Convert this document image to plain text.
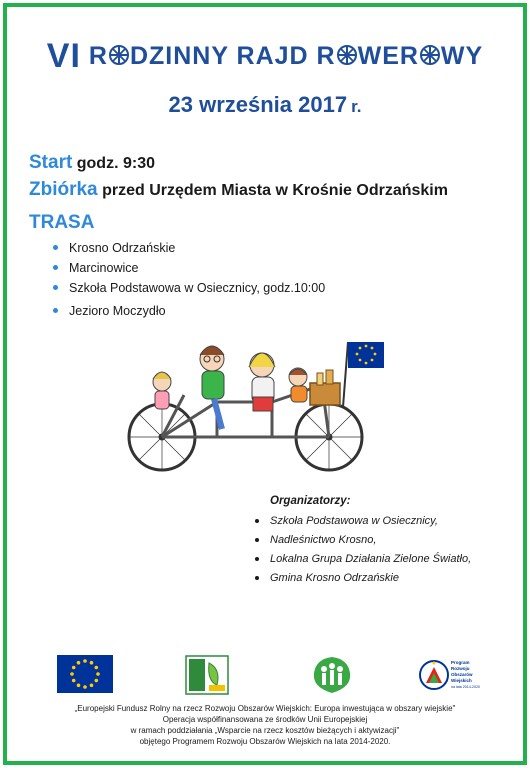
VI R DZINNY RAJD R WER WY
23 września 2017 r.
Start godz. 9:30
Zbiórka przed Urzędem Miasta w Krośnie Odrzańskim
TRASA
Krosno Odrzańskie
Marcinowice
Szkoła Podstawowa w Osiecznicy, godz.10:00
Jezioro Moczydło
Organizatorzy:
Szkoła Podstawowa w Osiecznicy,
Nadleśnictwo Krosno,
Lokalna Grupa Działania Zielone Światło,
Gmina Krosno Odrzańskie
Program
Rozwoju
Obszarów
Wiejskich
na lata 2014-2020
„Europejski Fundusz Rolny na rzecz Rozwoju Obszarów Wiejskich: Europa inwestująca w obszary wiejskie"
Operacja współfinansowana ze środków Unii Europejskiej
w ramach poddziałania „Wsparcie na rzecz kosztów bieżących i aktywizacji"
objętego Programem Rozwoju Obszarów Wiejskich na lata 2014-2020.
